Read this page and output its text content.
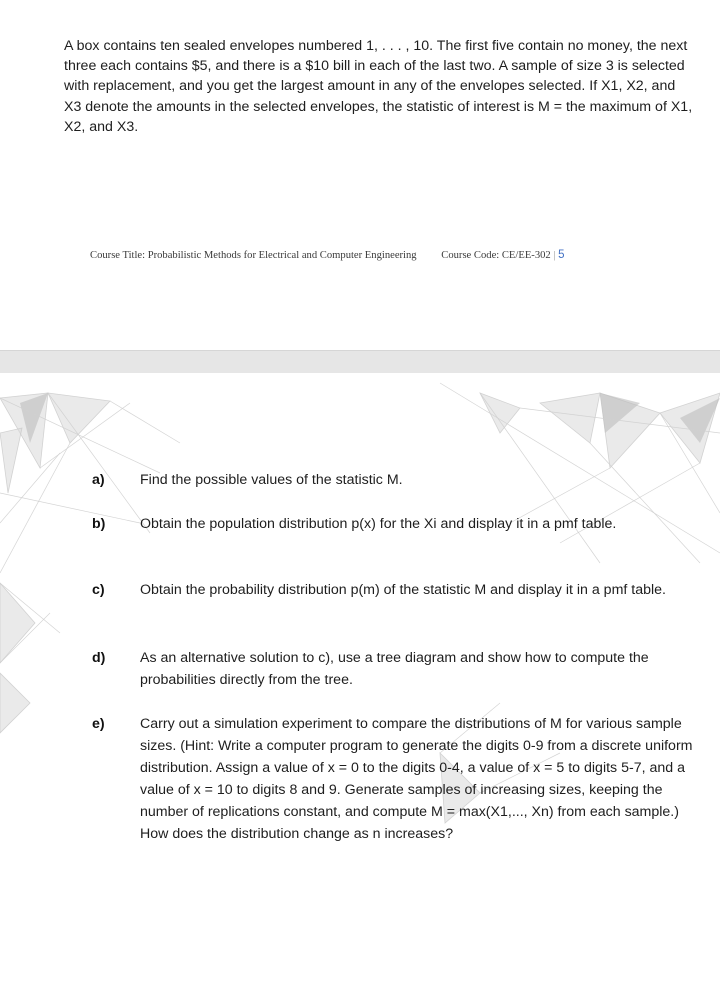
A box contains ten sealed envelopes numbered 1, . . . , 10. The first five contain no money, the next three each contains $5, and there is a $10 bill in each of the last two. A sample of size 3 is selected with replacement, and you get the largest amount in any of the envelopes selected. If X1, X2, and X3 denote the amounts in the selected envelopes, the statistic of interest is M = the maximum of X1, X2, and X3.

Course Title: Probabilistic Methods for Electrical and Computer Engineering Course Code: CE/EE-302 | 5
a) Find the possible values of the statistic M.

b) Obtain the population distribution p(x) for the Xi and display it in a pmf table.

c) Obtain the probability distribution p(m) of the statistic M and display it in a pmf table.

d) As an alternative solution to c), use a tree diagram and show how to compute the probabilities directly from the tree.

e) Carry out a simulation experiment to compare the distributions of M for various sample sizes. (Hint: Write a computer program to generate the digits 0-9 from a discrete uniform distribution. Assign a value of x = 0 to the digits 0-4, a value of x = 5 to digits 5-7, and a value of x = 10 to digits 8 and 9. Generate samples of increasing sizes, keeping the number of replications constant, and compute M = max(X1,..., Xn) from each sample.) How does the distribution change as n increases?
